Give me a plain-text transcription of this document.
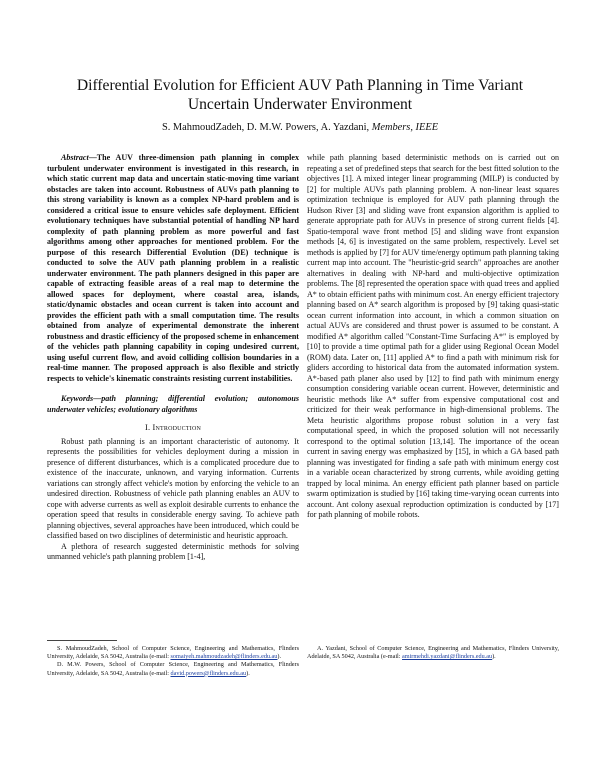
Differential Evolution for Efficient AUV Path Planning in Time Variant
Uncertain Underwater Environment
S. MahmoudZadeh, D. M.W. Powers, A. Yazdani, Members, IEEE

Abstract—The AUV three-dimension path planning in complex turbulent underwater environment is investigated in this research, in which static current map data and uncertain static-moving time variant obstacles are taken into account. Robustness of AUVs path planning to this strong variability is known as a complex NP-hard problem and is considered a critical issue to ensure vehicles safe deployment. Efficient evolutionary techniques have substantial potential of handling NP hard complexity of path planning problem as more powerful and fast algorithms among other approaches for mentioned problem. For the purpose of this research Differential Evolution (DE) technique is conducted to solve the AUV path planning problem in a realistic underwater environment. The path planners designed in this paper are capable of extracting feasible areas of a real map to determine the allowed spaces for deployment, where coastal area, islands, static/dynamic obstacles and ocean current is taken into account and provides the efficient path with a small computation time. The results obtained from analyze of experimental demonstrate the inherent robustness and drastic efficiency of the proposed scheme in enhancement of the vehicles path planning capability in coping undesired current, using useful current flow, and avoid colliding collision boundaries in a real-time manner. The proposed approach is also flexible and strictly respects to vehicle's kinematic constraints resisting current instabilities.

Keywords—path planning; differential evolution; autonomous underwater vehicles; evolutionary algorithms

I. Introduction

Robust path planning is an important characteristic of autonomy. It represents the possibilities for vehicles deployment during a mission in presence of different disturbances, which is a complicated procedure due to existence of the inaccurate, unknown, and varying information. Currents variations can strongly affect vehicle's motion by enforcing the vehicle to an undesired direction. Robustness of vehicle path planning enables an AUV to cope with adverse currents as well as exploit desirable currents to enhance the operation speed that results in considerable energy saving. To achieve path planning objectives, several approaches have been introduced, which could be classified based on two disciplines of deterministic and heuristic approach.

A plethora of research suggested deterministic methods for solving unmanned vehicle's path planning problem [1-4],

while path planning based deterministic methods on is carried out on repeating a set of predefined steps that search for the best fitted solution to the objectives [1]. A mixed integer linear programming (MILP) is conducted by [2] for multiple AUVs path planning problem. A non-linear least squares optimization technique is employed for AUV path planning through the Hudson River [3] and sliding wave front expansion algorithm is applied to generate appropriate path for AUVs in presence of strong current fields [4]. Spatio-temporal wave front method [5] and sliding wave front expansion methods [4, 6] is investigated on the same problem, respectively. Level set methods is applied by [7] for AUV time/energy optimum path planning taking current map into account. The "heuristic-grid search" approaches are another alternatives in dealing with NP-hard and multi-objective optimization problems. The [8] represented the operation space with quad trees and applied A* to obtain efficient paths with minimum cost. An energy efficient trajectory planning based on A* search algorithm is proposed by [9] taking quasi-static ocean current information into account, in which a common situation on actual AUVs are considered and thrust power is assumed to be constant. A modified A* algorithm called "Constant-Time Surfacing A*" is employed by [10] to provide a time optimal path for a glider using Regional Ocean Model (ROM) data. Later on, [11] applied A* to find a path with minimum risk for gliders according to historical data from the automated information system. A*-based path planer also used by [12] to find path with minimum energy consumption considering variable ocean current. However, deterministic and heuristic methods like A* suffer from expensive computational cost and criticized for their weak performance in high-dimensional problems. The Meta heuristic algorithms propose robust solution in a very fast computational speed, in which the proposed solution will not necessarily correspond to the optimal solution [13,14]. The importance of the ocean current in saving energy was emphasized by [15], in which a GA based path planning was investigated for finding a safe path with minimum energy cost in a variable ocean characterized by strong currents, while avoiding getting trapped by local minima. An energy efficient path planner based on particle swarm optimization is studied by [16] taking time-varying ocean currents into account. Ant colony asexual reproduction optimization is conducted by [17] for path planning of mobile robots.

S. MahmoudZadeh, School of Computer Science, Engineering and Mathematics, Flinders University, Adelaide, SA 5042, Australia (e-mail: somaiyeh.mahmoudzadeh@flinders.edu.au).

D. M.W. Powers, School of Computer Science, Engineering and Mathematics, Flinders University, Adelaide, SA 5042, Australia (e-mail: david.powers@flinders.edu.au).

A. Yazdani, School of Computer Science, Engineering and Mathematics, Flinders University, Adelaide, SA 5042, Australia (e-mail: amirmehdi.yazdani@flinders.edu.au).
